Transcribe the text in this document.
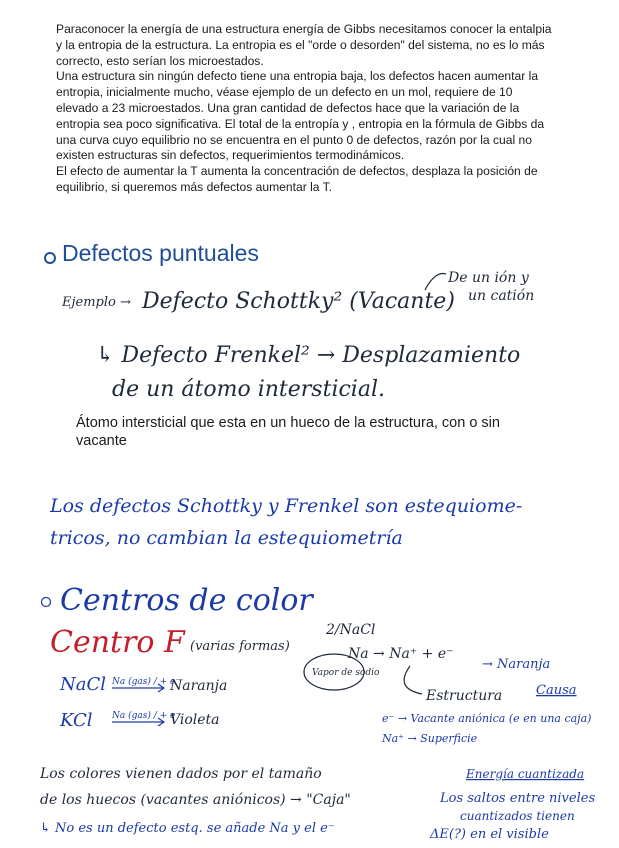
Paraconocer la energía de una estructura energía de Gibbs necesitamos conocer la entalpia y la entropia de la estructura. La entropia es el "orde o desorden" del sistema, no es lo más correcto, esto serían los microestados.

Una estructura sin ningún defecto tiene una entropia baja, los defectos hacen aumentar la entropia, inicialmente mucho, véase ejemplo de un defecto en un mol, requiere de 10 elevado a 23 microestados. Una gran cantidad de defectos hace que la variación de la entropia sea poco significativa. El total de la entropía y , entropia en la fórmula de Gibbs da una curva cuyo equilibrio no se encuentra en el punto 0 de defectos, razón por la cual no existen estructuras sin defectos, requerimientos termodinámicos.

El efecto de aumentar la T aumenta la concentración de defectos, desplaza la posición de equilibrio, si queremos más defectos aumentar la T.

Defectos puntuales

Átomo intersticial que esta en un hueco de la estructura, con o sin vacante

Ejemplo → Defecto Schottky² (Vacante)
De un ión y
un catión
↳ Defecto Frenkel² → Desplazamiento
de un átomo intersticial.
Los defectos Schottky y Frenkel son estequiome-
tricos, no cambian la estequiometría
Centros de color
Centro F (varias formas)
2/NaCl
Na → Na⁺ + e⁻
Vapor de sodio
→ Naranja
Causa
NaCl Na (gas) / + e⁻
Naranja
KCl Na (gas) / + e⁻
Violeta
Estructura
e⁻ → Vacante aniónica (e en una caja)
Na⁺ → Superficie
Los colores vienen dados por el tamaño
de los huecos (vacantes aniónicos) → "Caja"
↳ No es un defecto estq. se añade Na y el e⁻
Energía cuantizada
Los saltos entre niveles
cuantizados tienen
ΔE(?) en el visible
